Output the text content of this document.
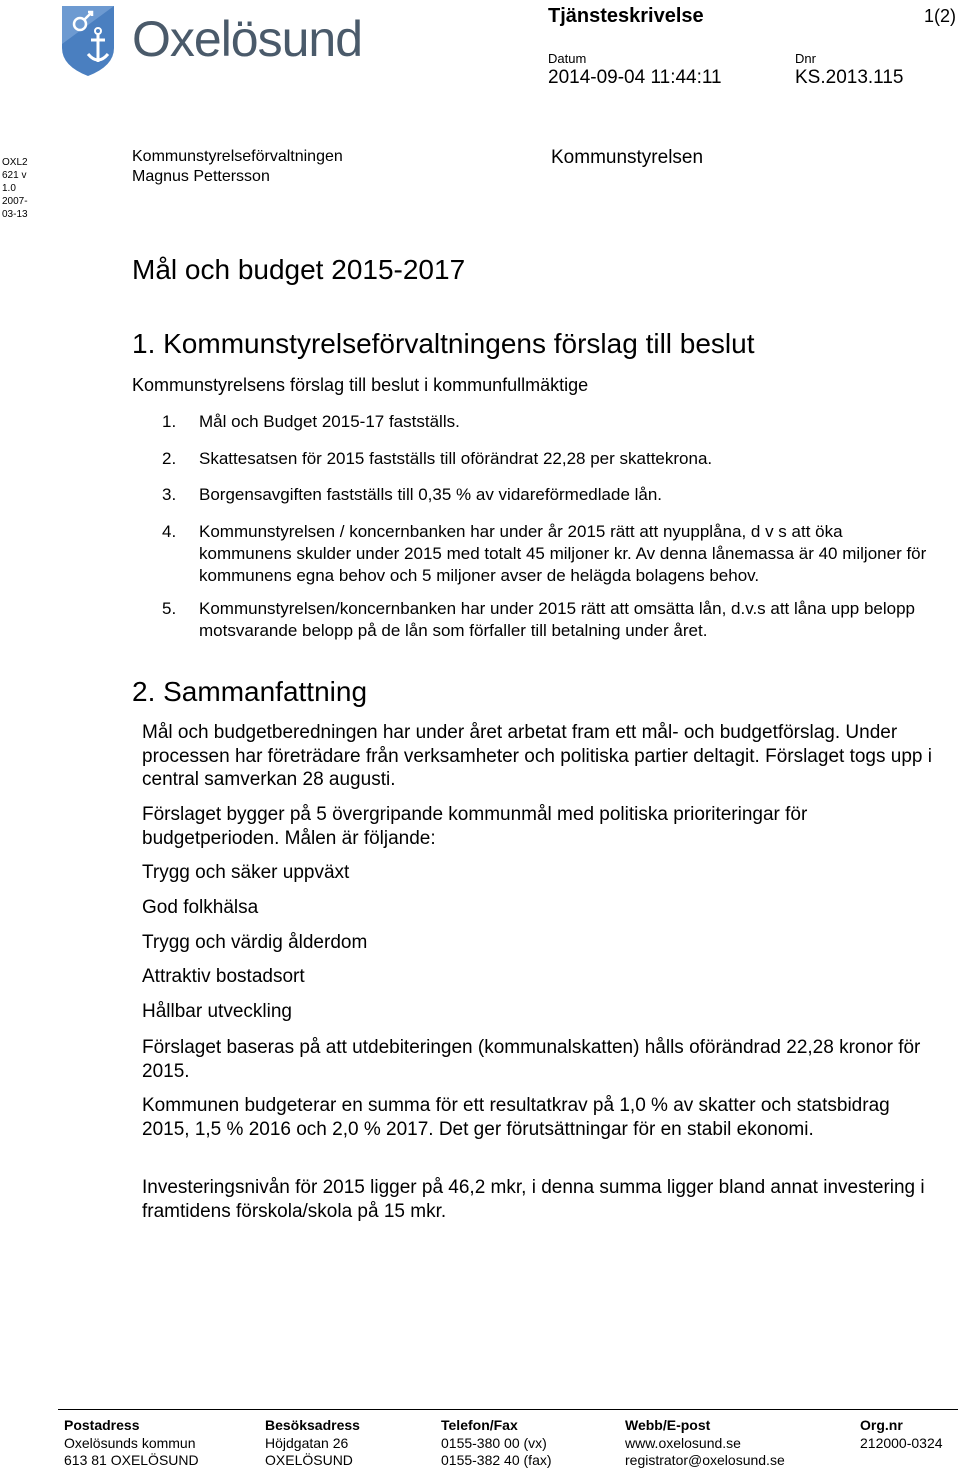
Oxelösund	Tjänsteskrivelse	1(2)
Datum
2014-09-04 11:44:11
Dnr
KS.2013.115
OXL2 621 v 1.0 2007-03-13
Kommunstyrelseförvaltningen
Magnus Pettersson
Kommunstyrelsen
Mål och budget 2015-2017
1. Kommunstyrelseförvaltningens förslag till beslut
Kommunstyrelsens förslag till beslut i kommunfullmäktige
1. Mål och Budget 2015-17 fastställs.
2. Skattesatsen för 2015 fastställs till oförändrat 22,28 per skattekrona.
3. Borgensavgiften fastställs till 0,35 % av vidareförmedlade lån.
4. Kommunstyrelsen / koncernbanken har under år 2015 rätt att nyupplåna, d v s att öka kommunens skulder under 2015 med totalt 45 miljoner kr. Av denna lånemassa är 40 miljoner för kommunens egna behov och 5 miljoner avser de helägda bolagens behov.
5. Kommunstyrelsen/koncernbanken har under 2015 rätt att omsätta lån, d.v.s att låna upp belopp motsvarande belopp på de lån som förfaller till betalning under året.
2. Sammanfattning
Mål och budgetberedningen har under året arbetat fram ett mål- och budgetförslag. Under processen har företrädare från verksamheter och politiska partier deltagit. Förslaget togs upp i central samverkan 28 augusti.
Förslaget bygger på 5 övergripande kommunmål med politiska prioriteringar för budgetperioden. Målen är följande:
Trygg och säker uppväxt
God folkhälsa
Trygg och värdig ålderdom
Attraktiv bostadsort
Hållbar utveckling
Förslaget baseras på att utdebiteringen (kommunalskatten) hålls oförändrad 22,28 kronor för 2015.
Kommunen budgeterar en summa för ett resultatkrav på 1,0 % av skatter och statsbidrag 2015, 1,5 % 2016 och 2,0 % 2017. Det ger förutsättningar för en stabil ekonomi.
Investeringsnivån för 2015 ligger på 46,2 mkr, i denna summa ligger bland annat investering i framtidens förskola/skola på 15 mkr.
Postadress
Oxelösunds kommun
613 81 OXELÖSUND
Besöksadress
Höjdgatan 26
OXELÖSUND
Telefon/Fax
0155-380 00 (vx)
0155-382 40 (fax)
Webb/E-post
www.oxelosund.se
registrator@oxelosund.se
Org.nr
212000-0324
